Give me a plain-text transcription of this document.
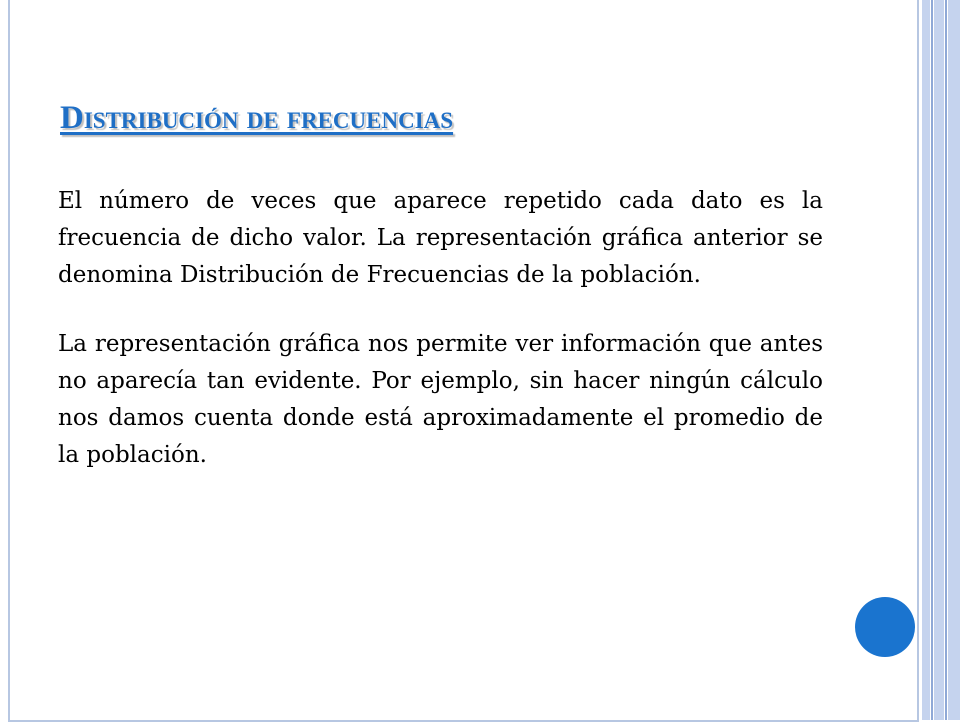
Distribución de frecuencias

El número de veces que aparece repetido cada dato es la frecuencia de dicho valor. La representación gráfica anterior se denomina Distribución de Frecuencias de la población.

La representación gráfica nos permite ver información que antes no aparecía tan evidente. Por ejemplo, sin hacer ningún cálculo nos damos cuenta donde está aproximadamente el promedio de la población.
